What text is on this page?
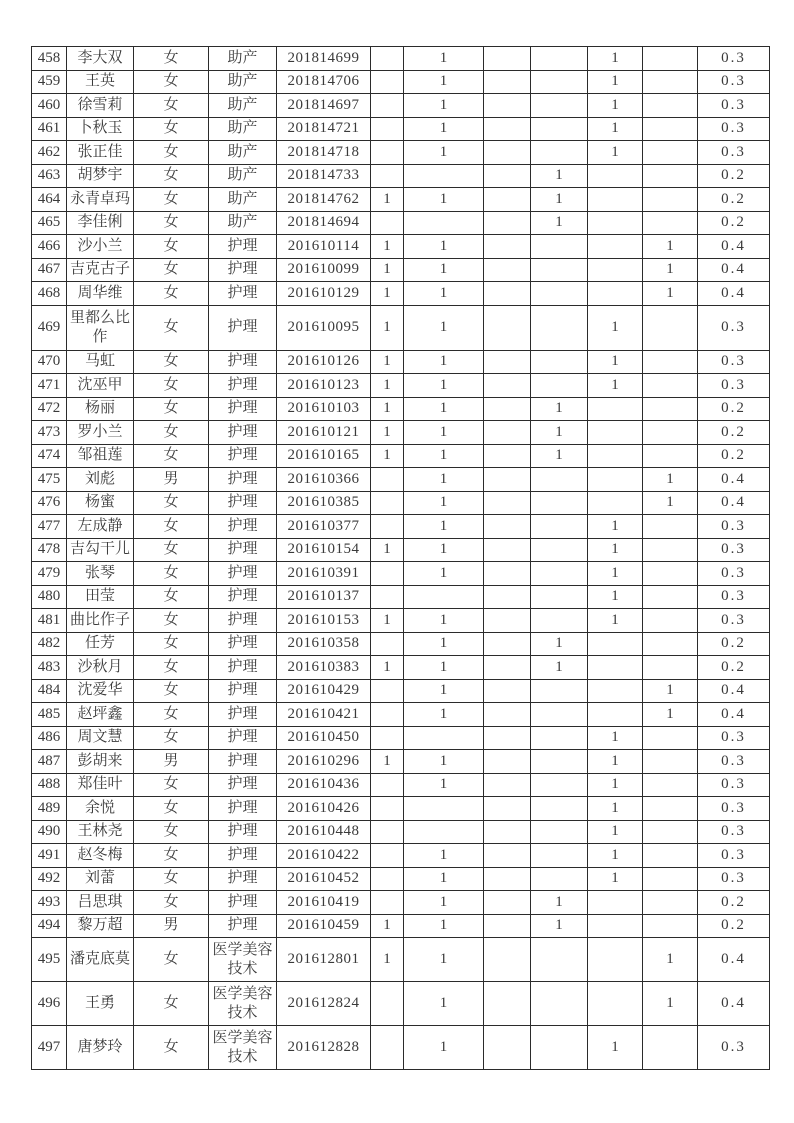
458	李大双	女	助产	201814699		1			1		0.3
459	王英	女	助产	201814706		1			1		0.3
460	徐雪莉	女	助产	201814697		1			1		0.3
461	卜秋玉	女	助产	201814721		1			1		0.3
462	张正佳	女	助产	201814718		1			1		0.3
463	胡梦宇	女	助产	201814733				1			0.2
464	永青卓玛	女	助产	201814762	1	1		1			0.2
465	李佳俐	女	助产	201814694				1			0.2
466	沙小兰	女	护理	201610114	1	1				1	0.4
467	吉克古子	女	护理	201610099	1	1				1	0.4
468	周华维	女	护理	201610129	1	1				1	0.4
469	里都么比作	女	护理	201610095	1	1			1		0.3
470	马虹	女	护理	201610126	1	1			1		0.3
471	沈巫甲	女	护理	201610123	1	1			1		0.3
472	杨丽	女	护理	201610103	1	1		1			0.2
473	罗小兰	女	护理	201610121	1	1		1			0.2
474	邹祖莲	女	护理	201610165	1	1		1			0.2
475	刘彪	男	护理	201610366		1				1	0.4
476	杨蜜	女	护理	201610385		1				1	0.4
477	左成静	女	护理	201610377		1			1		0.3
478	吉勾干儿	女	护理	201610154	1	1			1		0.3
479	张琴	女	护理	201610391		1			1		0.3
480	田莹	女	护理	201610137					1		0.3
481	曲比作子	女	护理	201610153	1	1			1		0.3
482	任芳	女	护理	201610358		1		1			0.2
483	沙秋月	女	护理	201610383	1	1		1			0.2
484	沈爱华	女	护理	201610429		1				1	0.4
485	赵坪鑫	女	护理	201610421		1				1	0.4
486	周文慧	女	护理	201610450					1		0.3
487	彭胡来	男	护理	201610296	1	1			1		0.3
488	郑佳叶	女	护理	201610436		1			1		0.3
489	余悦	女	护理	201610426					1		0.3
490	王林尧	女	护理	201610448					1		0.3
491	赵冬梅	女	护理	201610422		1			1		0.3
492	刘蕾	女	护理	201610452		1			1		0.3
493	吕思琪	女	护理	201610419		1		1			0.2
494	黎万超	男	护理	201610459	1	1		1			0.2
495	潘克底莫	女	医学美容技术	201612801	1	1				1	0.4
496	王勇	女	医学美容技术	201612824		1				1	0.4
497	唐梦玲	女	医学美容技术	201612828		1			1		0.3
